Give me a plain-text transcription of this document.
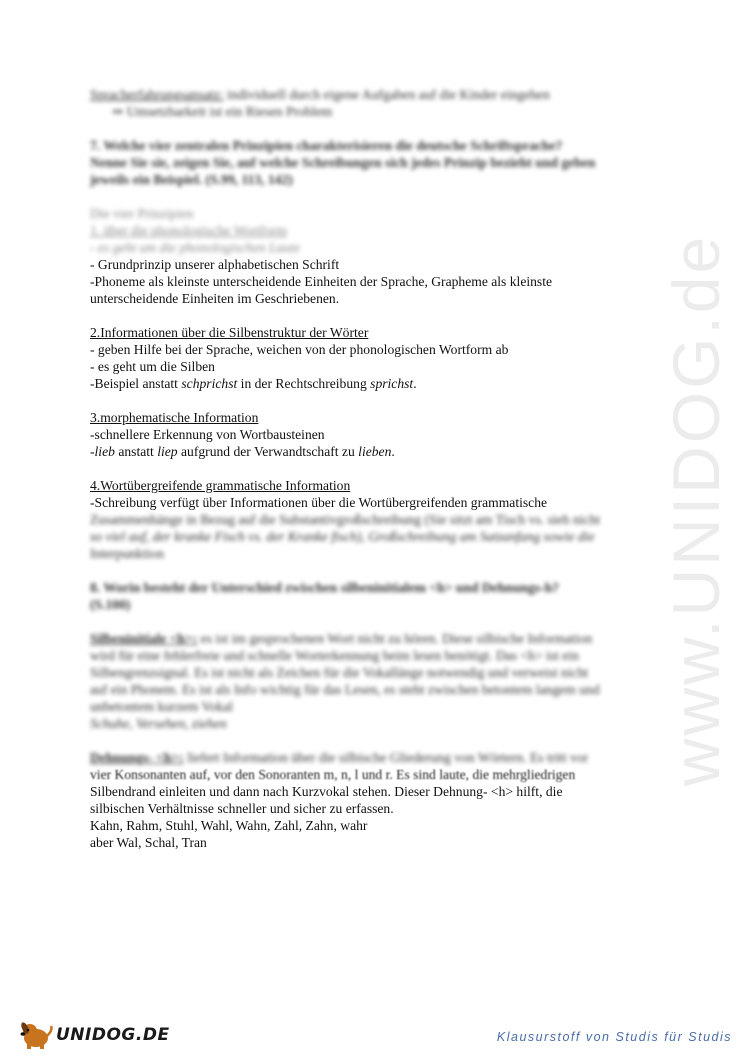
www.UNIDOG.de
Spracherfahrungsansatz: individuell durch eigene Aufgaben auf die Kinder eingehen
⇒ Umsetzbarkeit ist ein Riesen Problem
7. Welche vier zentralen Prinzipien charakterisieren die deutsche Schriftsprache?
Nenne Sie sie, zeigen Sie, auf welche Schreibungen sich jedes Prinzip bezieht und geben
jeweils ein Beispiel. (S.99, 113, 142)
Die vier Prinzipien
1. über die phonologische Wortform
- es geht um die phonologischen Laute
- Grundprinzip unserer alphabetischen Schrift
-Phoneme als kleinste unterscheidende Einheiten der Sprache, Grapheme als kleinste
unterscheidende Einheiten im Geschriebenen.
2.Informationen über die Silbenstruktur der Wörter
- geben Hilfe bei der Sprache, weichen von der phonologischen Wortform ab
- es geht um die Silben
-Beispiel anstatt schprichst in der Rechtschreibung sprichst.
3.morphematische Information
-schnellere Erkennung von Wortbausteinen
-lieb anstatt liep aufgrund der Verwandtschaft zu lieben.
4.Wortübergreifende grammatische Information
-Schreibung verfügt über Informationen über die Wortübergreifenden grammatische
Zusammenhänge in Bezug auf die Substantivgroßschreibung (Sie sitzt am Tisch vs. sieh nicht
so viel auf, der kranke Fisch vs. der Kranke fisch), Großschreibung am Satzanfang sowie die
Interpunktion
8. Worin besteht der Unterschied zwischen silbeninitialem <h> und Dehnungs-h?
(S.100)
Silbeninitiale <h>: es ist im gesprochenen Wort nicht zu hören. Diese silbische Information
wird für eine fehlerfreie und schnelle Worterkennung beim lesen benötigt. Das <h> ist ein
Silbengrenzsignal. Es ist nicht als Zeichen für die Vokallänge notwendig und verweist nicht
auf ein Phonem. Es ist als Info wichtig für das Lesen, es steht zwischen betontem langem und
unbetontem kurzem Vokal
Schuhe, Versehen, ziehen
Dehnungs- <h>: liefert Information über die silbische Gliederung von Wörtern. Es tritt vor
vier Konsonanten auf, vor den Sonoranten m, n, l und r. Es sind laute, die mehrgliedrigen
Silbendrand einleiten und dann nach Kurzvokal stehen. Dieser Dehnung- <h> hilft, die
silbischen Verhältnisse schneller und sicher zu erfassen.
Kahn, Rahm, Stuhl, Wahl, Wahn, Zahl, Zahn, wahr
aber Wal, Schal, Tran
UNIDOG.DE	Klausurstoff von Studis für Studis
